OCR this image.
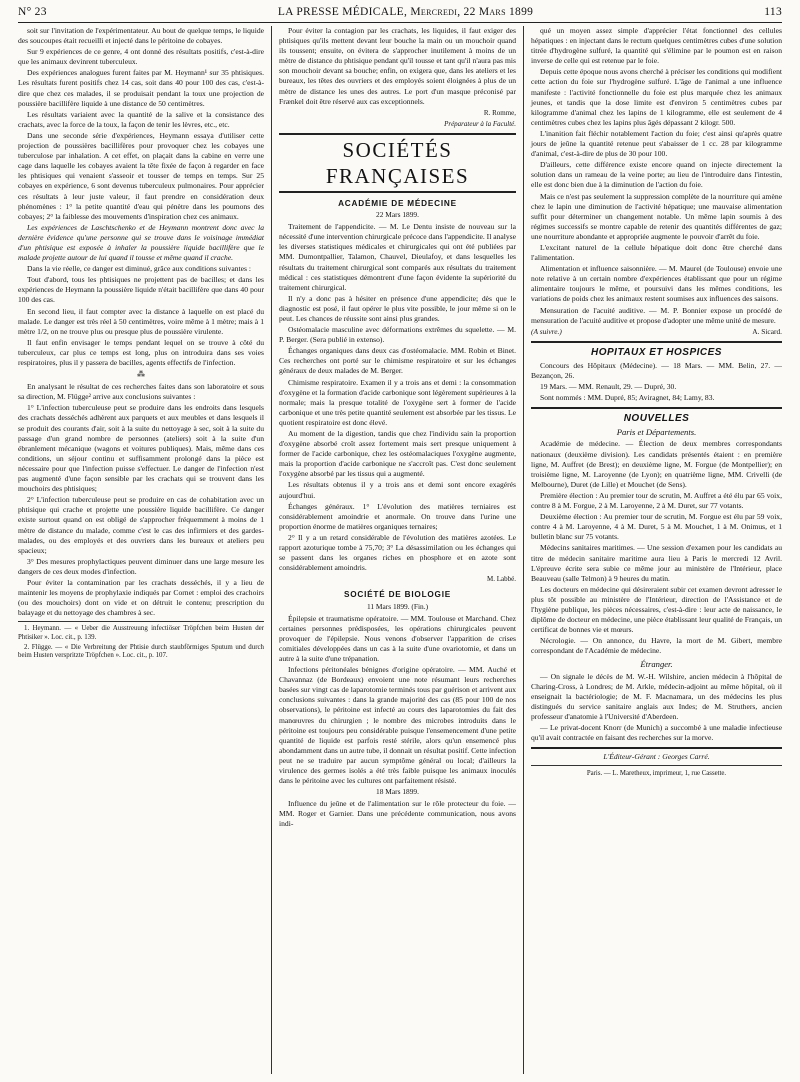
N° 23	LA PRESSE MÉDICALE, Mercredi, 22 Mars 1899	113

soit sur l'invitation de l'expérimentateur. Au bout de quelque temps, le liquide des soucoupes était recueilli et injecté dans le péritoine de cobayes.

Sur 9 expériences de ce genre, 4 ont donné des résultats positifs, c'est-à-dire que les animaux devinrent tuberculeux.

Des expériences analogues furent faites par M. Heymann¹ sur 35 phtisiques. Les résultats furent positifs chez 14 cas, soit dans 40 pour 100 des cas, c'est-à-dire que chez ces malades, il se produisait pendant la toux une projection de poussière bacillifère liquide à une distance de 50 centimètres.

Les résultats variaient avec la quantité de la salive et la consistance des crachats, avec la force de la toux, la façon de tenir les lèvres, etc., etc.

Dans une seconde série d'expériences, Heymann essaya d'utiliser cette projection de poussières bacillifères pour provoquer chez les cobayes une tuberculose par inhalation. A cet effet, on plaçait dans la cabine en verre une cage dans laquelle les cobayes avaient la tête fixée de façon à regarder en face les phtisiques qui venaient s'asseoir et tousser de temps en temps. Sur 25 cobayes en expérience, 6 sont devenus tuberculeux pulmonaires. Pour apprécier ces résultats à leur juste valeur, il faut prendre en considération deux phénomènes : 1° la petite quantité d'eau qui pénètre dans les poumons des cobayes; 2° la faiblesse des mouvements d'inspiration chez ces animaux.

Les expériences de Laschtschenko et de Heymann montrent donc avec la dernière évidence qu'une personne qui se trouve dans le voisinage immédiat d'un phtisique est exposée à inhaler la poussière liquide bacillifère que le malade projette autour de lui quand il tousse et même quand il crache.

Dans la vie réelle, ce danger est diminué, grâce aux conditions suivantes :

Tout d'abord, tous les phtisiques ne projettent pas de bacilles; et dans les expériences de Heymann la poussière liquide n'était bacillifère que dans 40 pour 100 des cas.

En second lieu, il faut compter avec la distance à laquelle on est placé du malade. Le danger est très réel à 50 centimètres, voire même à 1 mètre; mais à 1 mètre 1/2, on ne trouve plus ou presque plus de poussière virulente.

Il faut enfin envisager le temps pendant lequel on se trouve à côté du tuberculeux, car plus ce temps est long, plus on introduira dans ses voies respiratoires, plus il y passera de bacilles, agents effectifs de l'infection.

⁂

En analysant le résultat de ces recherches faites dans son laboratoire et sous sa direction, M. Flügge² arrive aux conclusions suivantes :

1° L'infection tuberculeuse peut se produire dans les endroits dans lesquels des crachats desséchés adhèrent aux parquets et aux meubles et dans lesquels il se produit des courants d'air, soit à la suite du nettoyage à sec, soit à la suite du passage d'un grand nombre de personnes (ateliers) soit à la suite d'un ébranlement mécanique (wagons et voitures publiques). Mais, même dans ces conditions, un séjour continu et suffisamment prolongé dans la pièce est nécessaire pour que l'infection puisse s'effectuer. Le danger de l'infection n'est pas augmenté d'une façon sensible par les crachats qui se trouvent dans les mouchoirs des phtisiques;

2° L'infection tuberculeuse peut se produire en cas de cohabitation avec un phtisique qui crache et projette une poussière liquide bacillifère. Ce danger existe surtout quand on est obligé de s'approcher fréquemment à moins de 1 mètre de distance du malade, comme c'est le cas des infirmiers et des gardes-malades, ou des employés et des ouvriers dans les bureaux et ateliers peu spacieux;

3° Des mesures prophylactiques peuvent diminuer dans une large mesure les dangers de ces deux modes d'infection.

Pour éviter la contamination par les crachats desséchés, il y a lieu de maintenir les moyens de prophylaxie indiqués par Cornet : emploi des crachoirs (ou des mouchoirs) dont on vide et on détruit le contenu; prescription du balayage et du nettoyage des chambres à sec.

1. Heymann. — « Ueber die Ausstreuung infectiöser Tröpfchen beim Husten der Phtisiker ». Loc. cit., p. 139.

2. Flügge. — « Die Verbreitung der Phtisie durch staubförmiges Sputum und durch beim Husten verspritzte Tröpfchen ». Loc. cit., p. 107.

Pour éviter la contagion par les crachats, les liquides, il faut exiger des phtisiques qu'ils mettent devant leur bouche la main ou un mouchoir quand ils toussent; ensuite, on évitera de s'approcher inutilement à moins de un mètre de distance du phtisique pendant qu'il tousse et tant qu'il n'aura pas mis son mouchoir devant sa bouche; enfin, on exigera que, dans les ateliers et les bureaux, les têtes des ouvriers et des employés soient éloignées à plus de un mètre de distance les unes des autres. Le port d'un masque préconisé par Frænkel doit être réservé aux cas exceptionnels.

R. Romme,

Préparateur à la Faculté.

SOCIÉTÉS FRANÇAISES
ACADÉMIE DE MÉDECINE
22 Mars 1899.

Traitement de l'appendicite. — M. Le Dentu insiste de nouveau sur la nécessité d'une intervention chirurgicale précoce dans l'appendicite. Il analyse les diverses statistiques médicales et chirurgicales qui ont été publiées par MM. Dumontpallier, Talamon, Chauvel, Dieulafoy, et dans lesquelles les résultats du traitement chirurgical sont comparés aux résultats du traitement médical : ces statistiques démontrent d'une façon évidente la supériorité du traitement chirurgical.

Il n'y a donc pas à hésiter en présence d'une appendicite; dès que le diagnostic est posé, il faut opérer le plus vite possible, le jour même si on le peut. Les chances de réussite sont ainsi plus grandes.

Ostéomalacie masculine avec déformations extrêmes du squelette. — M. P. Berger. (Sera publié in extenso).

Échanges organiques dans deux cas d'ostéomalacie. MM. Robin et Binet. Ces recherches ont porté sur le chimisme respiratoire et sur les échanges généraux de deux malades de M. Berger.

Chimisme respiratoire. Examen il y a trois ans et demi : la consommation d'oxygène et la formation d'acide carbonique sont légèrement supérieures à la normale; mais la presque totalité de l'oxygène sert à former de l'acide carbonique et une très petite quantité seulement est absorbée par les tissus. Le quotient respiratoire est donc élevé.

Au moment de la digestion, tandis que chez l'individu sain la proportion d'oxygène absorbé croît assez fortement mais sert presque uniquement à former de l'acide carbonique, chez les ostéomalaciques l'oxygène augmente, mais la proportion d'acide carbonique ne s'accroît pas. C'est donc seulement l'oxygène absorbé par les tissus qui a augmenté.

Les résultats obtenus il y a trois ans et demi sont encore exagérés aujourd'hui.

Échanges généraux. 1° L'évolution des matières terniaires est considérablement amoindrie et anormale. On trouve dans l'urine une proportion énorme de matières organiques ternaires;

2° Il y a un retard considérable de l'évolution des matières azotées. Le rapport azoturique tombe à 75,70; 3° La désassimilation ou les échanges qui se passent dans les organes riches en phosphore et en azote sont considérablement amoindris.

M. Labbé.

SOCIÉTÉ DE BIOLOGIE
11 Mars 1899. (Fin.)

Épilepsie et traumatisme opératoire. — MM. Toulouse et Marchand. Chez certaines personnes prédisposées, les opérations chirurgicales peuvent provoquer de l'épilepsie. Nous venons d'observer l'apparition de crises comitiales développées dans un cas à la suite d'une ovariotomie, et dans un autre à la suite d'une trépanation.

Infections péritonéales bénignes d'origine opératoire. — MM. Auché et Chavannaz (de Bordeaux) envoient une note résumant leurs recherches basées sur vingt cas de laparotomie terminés tous par guérison et arrivent aux conclusions suivantes : dans la grande majorité des cas (85 pour 100 de nos observations), le péritoine est infecté au cours des laparotomies du fait des manœuvres du chirurgien ; le nombre des microbes introduits dans le péritoine est toujours peu considérable puisque l'ensemencement d'une petite quantité de liquide est parfois resté stérile, alors qu'un ensemencé plus abondamment dans un autre tube, il donnait un résultat positif. Cette infection peut ne se traduire par aucun symptôme général ou local; d'ailleurs la virulence des germes isolés a été très faible puisque les animaux inoculés dans le péritoine avec les cultures ont parfaitement résisté.

18 Mars 1899.

Influence du jeûne et de l'alimentation sur le rôle protecteur du foie. — MM. Roger et Garnier. Dans une précédente communication, nous avons indi-

qué un moyen assez simple d'apprécier l'état fonctionnel des cellules hépatiques : en injectant dans le rectum quelques centimètres cubes d'une solution titrée d'hydrogène sulfuré, la quantité qui s'élimine par le poumon est en raison inverse de celle qui est retenue par le foie.

Depuis cette époque nous avons cherché à préciser les conditions qui modifient cette action du foie sur l'hydrogène sulfuré. L'âge de l'animal a une influence manifeste : l'activité fonctionnelle du foie est plus marquée chez les animaux jeunes, et tandis que la dose limite est d'environ 5 centimètres cubes par kilogramme d'animal chez les lapins de 1 kilogramme, elle est seulement de 4 centimètres cubes chez les lapins plus âgés dépassant 2 kilogr. 500.

L'inanition fait fléchir notablement l'action du foie; c'est ainsi qu'après quatre jours de jeûne la quantité retenue peut s'abaisser de 1 cc. 28 par kilogramme d'animal, c'est-à-dire de plus de 30 pour 100.

D'ailleurs, cette différence existe encore quand on injecte directement la solution dans un rameau de la veine porte; au lieu de l'introduire dans l'intestin, elle est donc bien due à la diminution de l'action du foie.

Mais ce n'est pas seulement la suppression complète de la nourriture qui amène chez le lapin une diminution de l'activité hépatique; une mauvaise alimentation suffit pour déterminer un changement notable. Un même lapin soumis à des régimes successifs se montre capable de retenir des quantités différentes de gaz; une nourriture abondante et appropriée augmente le pouvoir d'arrêt du foie.

L'excitant naturel de la cellule hépatique doit donc être cherché dans l'alimentation.

Alimentation et influence saisonnière. — M. Maurel (de Toulouse) envoie une note relative à un certain nombre d'expériences établissant que pour un régime alimentaire toujours le même, et poursuivi dans les mêmes conditions, les variations de poids chez les animaux restent soumises aux influences des saisons.

Mensuration de l'acuité auditive. — M. P. Bonnier expose un procédé de mensuration de l'acuité auditive et propose d'adopter une même unité de mesure.

(A suivre.)	A. Sicard.
HOPITAUX ET HOSPICES

Concours des Hôpitaux (Médecine). — 18 Mars. — MM. Belin, 27. — Bezançon, 26.

19 Mars. — MM. Renault, 29. — Dupré, 30.

Sont nommés : MM. Dupré, 85; Aviragnet, 84; Lamy, 83.

NOUVELLES
Paris et Départements.

Académie de médecine. — Élection de deux membres correspondants nationaux (deuxième division). Les candidats présentés étaient : en première ligne, M. Auffret (de Brest); en deuxième ligne, M. Forgue (de Montpellier); en troisième ligne, M. Laroyenne (de Lyon); en quatrième ligne, MM. Crivelli (de Melbourne), Duret (de Lille) et Mouchet (de Sens).

Première élection : Au premier tour de scrutin, M. Auffret a été élu par 65 voix, contre 8 à M. Forgue, 2 à M. Laroyenne, 2 à M. Duret, sur 77 votants.

Deuxième élection : Au premier tour de scrutin, M. Forgue est élu par 59 voix, contre 4 à M. Laroyenne, 4 à M. Duret, 5 à M. Mouchet, 1 à M. Onimus, et 1 bulletin blanc sur 75 votants.

Médecins sanitaires maritimes. — Une session d'examen pour les candidats au titre de médecin sanitaire maritime aura lieu à Paris le mercredi 12 Avril. L'épreuve écrite sera subie ce même jour au ministère de l'Intérieur, place Beauveau (salle Telmon) à 9 heures du matin.

Les docteurs en médecine qui désireraient subir cet examen devront adresser le plus tôt possible au ministère de l'Intérieur, direction de l'Assistance et de l'hygiène publique, les pièces nécessaires, c'est-à-dire : leur acte de naissance, le diplôme de docteur en médecine, une pièce établissant leur qualité de Français, un certificat de bonnes vie et mœurs.

Nécrologie. — On annonce, du Havre, la mort de M. Gibert, membre correspondant de l'Académie de médecine.

Étranger.

— On signale le décès de M. W.-H. Wilshire, ancien médecin à l'hôpital de Charing-Cross, à Londres; de M. Arkle, médecin-adjoint au même hôpital, où il enseignait la bactériologie; de M. F. Macnamara, un des médecins les plus distingués du service sanitaire anglais aux Indes; de M. Struthers, ancien professeur d'anatomie à l'Université d'Aberdeen.

— Le privat-docent Knorr (de Munich) a succombé à une maladie infectieuse qu'il avait contractée en faisant des recherches sur la morve.

L'Éditeur-Gérant : Georges Carré.

Paris. — L. Maretheux, imprimeur, 1, rue Cassette.
